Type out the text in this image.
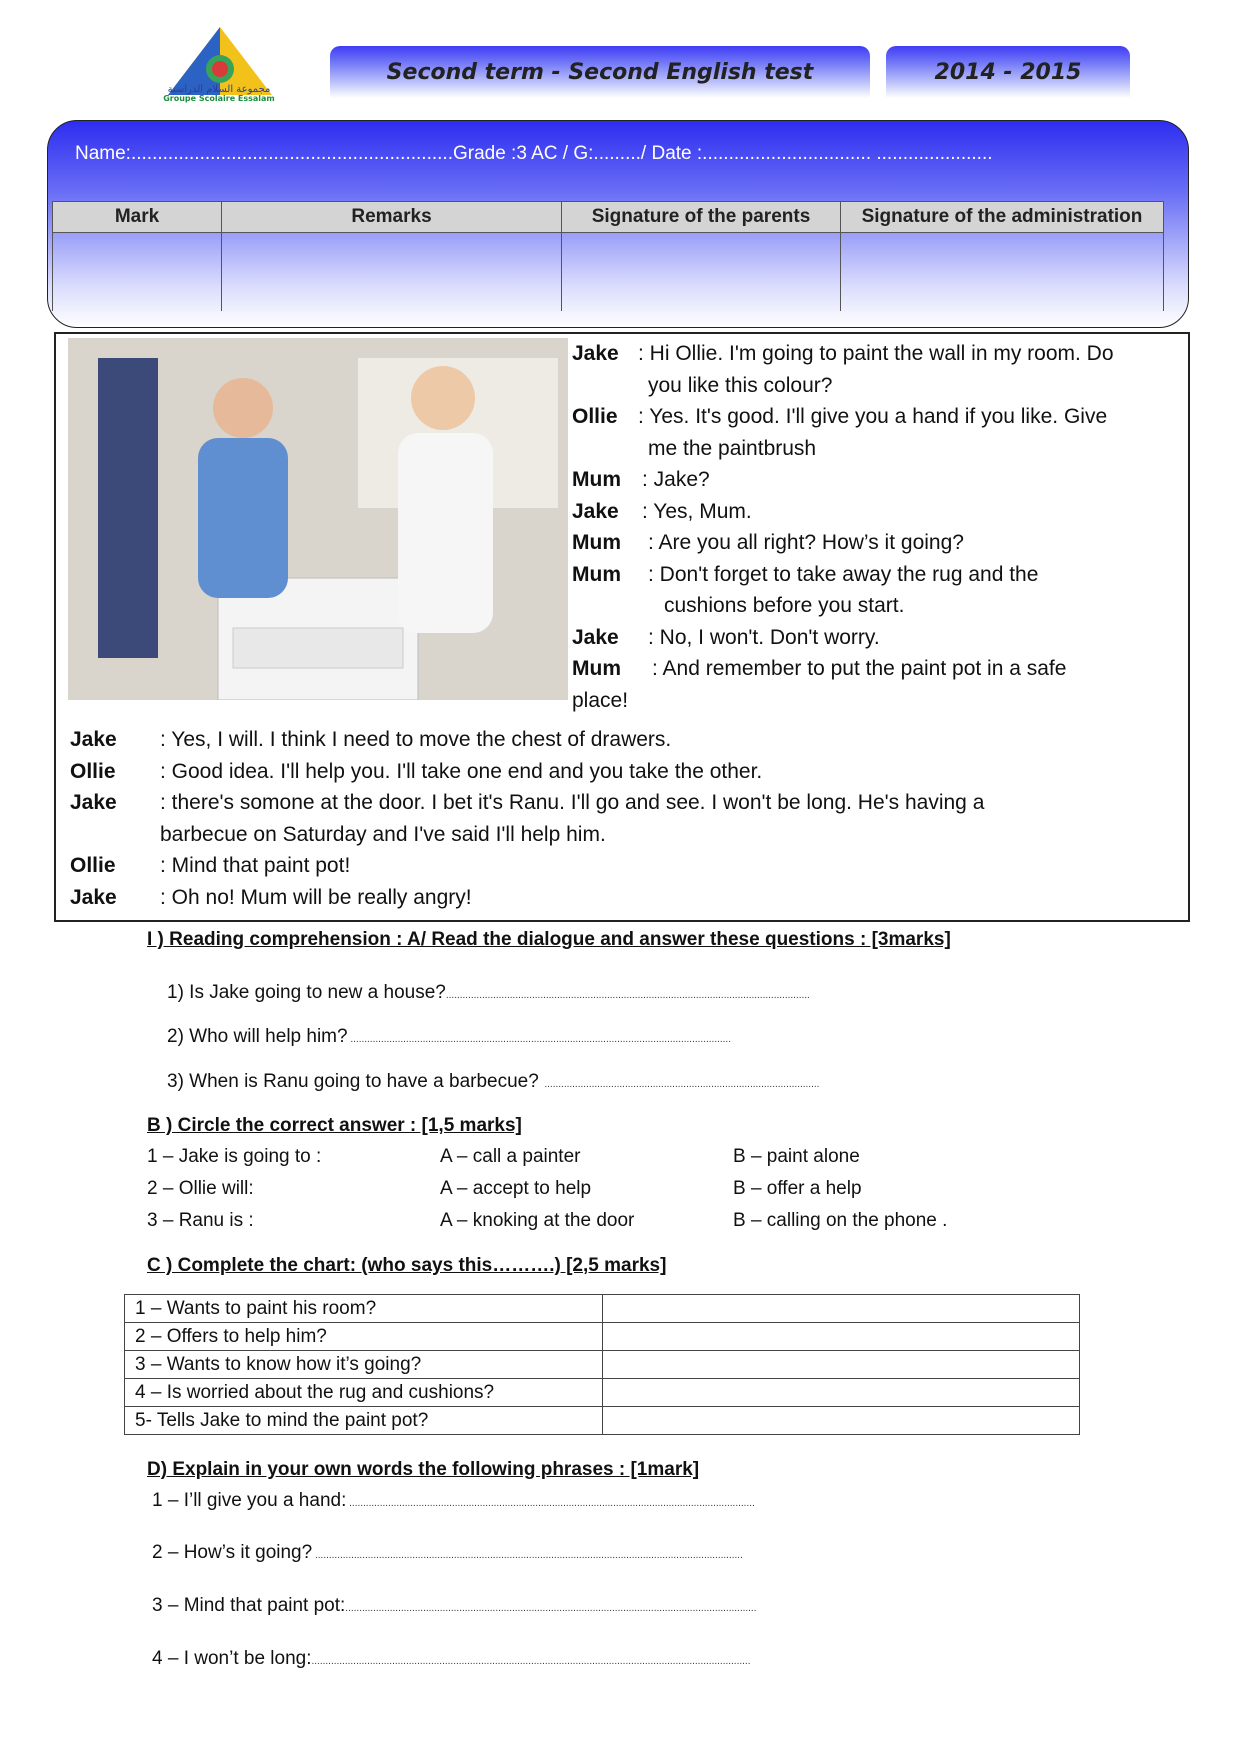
مجموعة السلام الدراسية
Groupe Scolaire Essalam
Second term - Second English test	2014 - 2015
Name:.............................................................Grade :3 AC / G:........./ Date :................................ ......................
Mark	Remarks	Signature of the parents	Signature of the administration

Jake : Hi Ollie. I'm going to paint the wall in my room. Do
you like this colour?
Ollie : Yes. It's good. I'll give you a hand if you like. Give
me the paintbrush
Mum : Jake?
Jake : Yes, Mum.
Mum : Are you all right? How’s it going?
Mum : Don't forget to take away the rug and the
cushions before you start.
Jake : No, I won't. Don't worry.
Mum : And remember to put the paint pot in a safe
place!
Jake : Yes, I will. I think I need to move the chest of drawers.
Ollie : Good idea. I'll help you. I'll take one end and you take the other.
Jake : there's somone at the door. I bet it's Ranu. I'll go and see. I won't be long. He's having a
barbecue on Saturday and I've said I'll help him.
Ollie : Mind that paint pot!
Jake : Oh no! Mum will be really angry!
I ) Reading comprehension : A/ Read the dialogue and answer these questions : [3marks]
1) Is Jake going to new a house?...................................................................................................................................
2) Who will help him? .........................................................................................................................................
3) When is Ranu going to have a barbecue?  ...................................................................................................
B ) Circle the correct answer : [1,5 marks]
1 – Jake is going to :	A – call a painter	B – paint alone
2 – Ollie will:	A – accept to help	B – offer a help
3 – Ranu is :	A – knoking at the door	B – calling on the phone .
C ) Complete the chart: (who says this……….) [2,5 marks]
1 – Wants to paint his room?	
2 – Offers to help him?	
3 – Wants to know how it’s going?	
4 – Is worried about the rug and cushions?	
5- Tells Jake to mind the paint pot?	
D) Explain in your own words the following phrases : [1mark]
1 – I’ll give you a hand: ..................................................................................................................................................
2 – How’s it going? ..........................................................................................................................................................
3 – Mind that paint pot:....................................................................................................................................................
4 – I won’t be long:..............................................................................................................................................................
